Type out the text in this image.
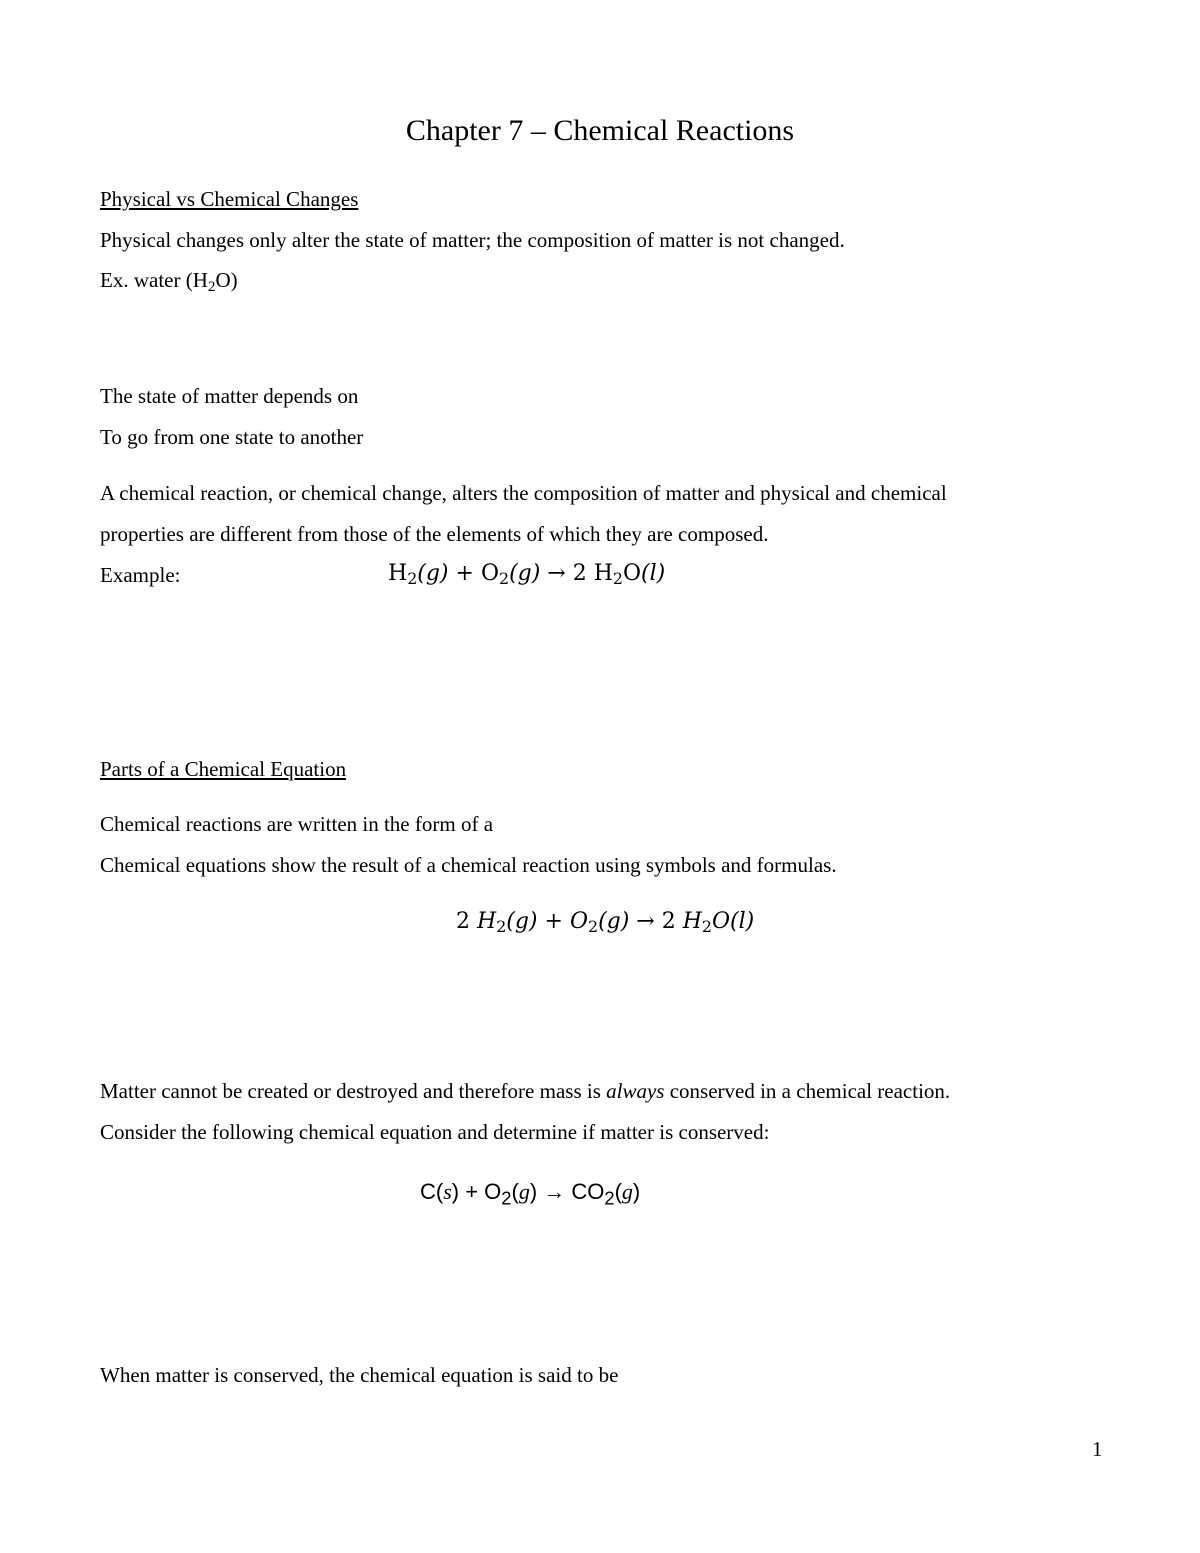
Chapter 7 – Chemical Reactions
Physical vs Chemical Changes
Physical changes only alter the state of matter; the composition of matter is not changed.
Ex. water $(H_2O)$
The state of matter depends on
To go from one state to another
A chemical reaction, or chemical change, alters the composition of matter and physical and chemical
properties are different from those of the elements of which they are composed.
Example:	$H_2(g) + O_2(g) \to 2$ $H_2O(l)$
Parts of a Chemical Equation
Chemical reactions are written in the form of a
Chemical equations show the result of a chemical reaction using symbols and formulas.
2 $H_2(g) + O_2(g) \to 2$ $H_2O(l)$
Matter cannot be created or destroyed and therefore mass is always conserved in a chemical reaction.
Consider the following chemical equation and determine if matter is conserved:
$C(s) + O_2(g) \to CO_2(g)$
When matter is conserved, the chemical equation is said to be
1
